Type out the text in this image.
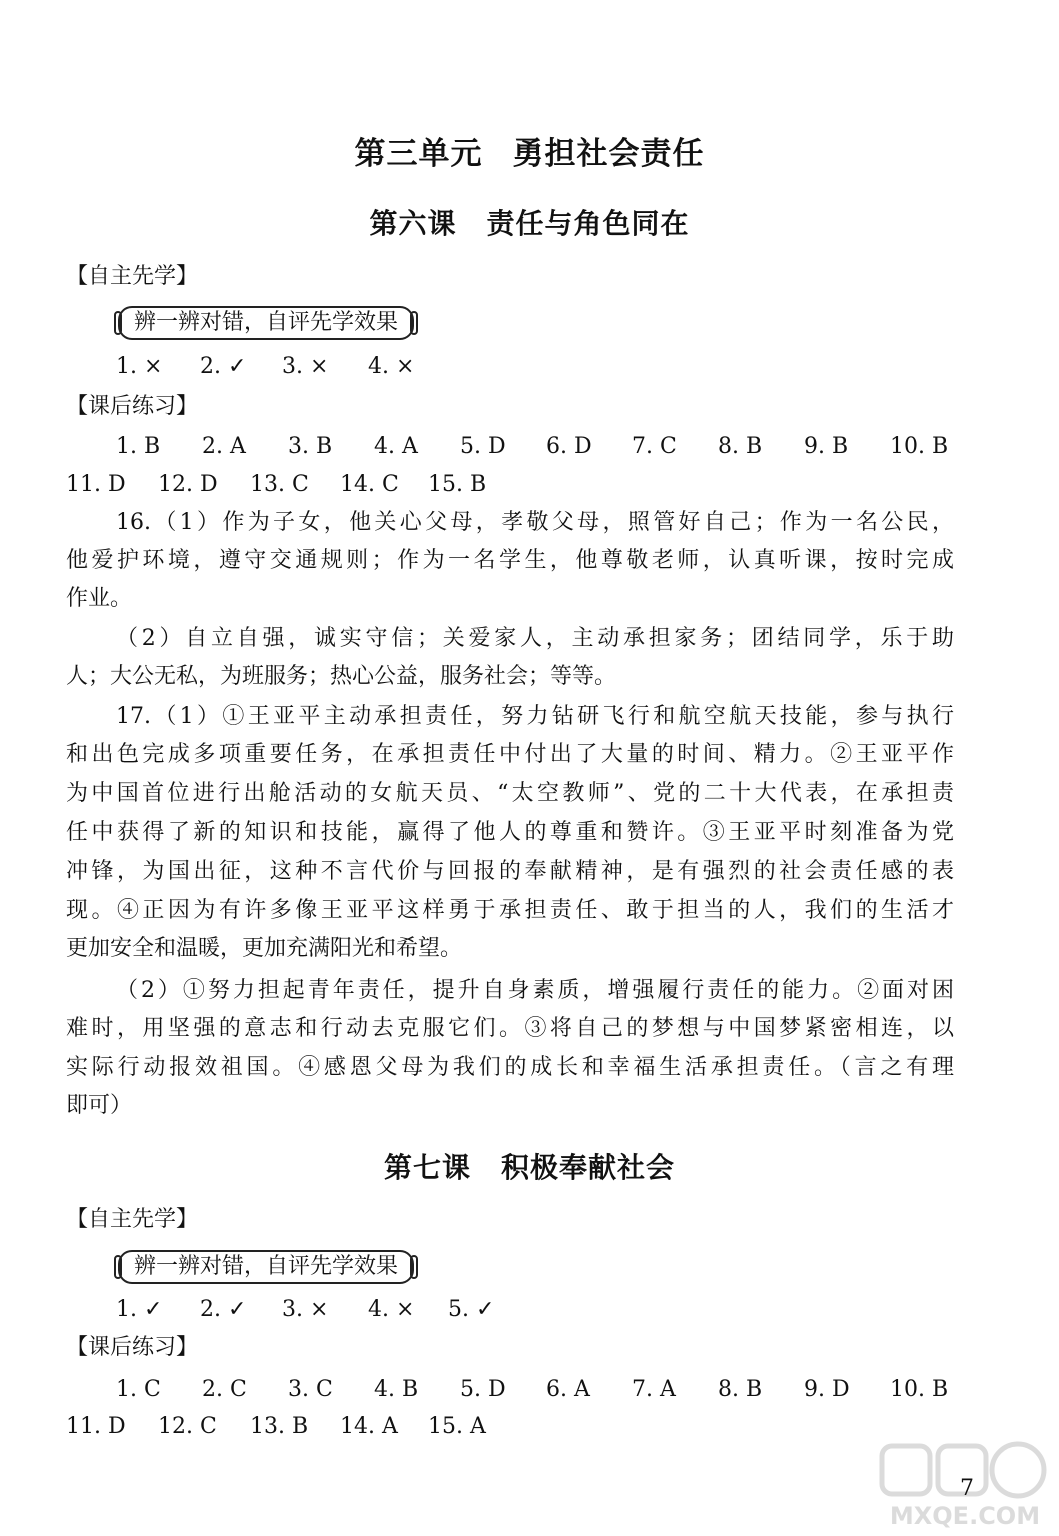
第三单元 勇担社会责任
第六课 责任与角色同在
【自主先学】
辨一辨对错，自评先学效果
1. × 2. ✓ 3. × 4. ×
【课后练习】
1. B 2. A 3. B 4. A 5. D 6. D 7. C 8. B 9. B 10. B
11. D 12. D 13. C 14. C 15. B
16.（1）作为子女，他关心父母，孝敬父母，照管好自己；作为一名公民，
他爱护环境，遵守交通规则；作为一名学生，他尊敬老师，认真听课，按时完成
作业。
（2）自立自强，诚实守信；关爱家人，主动承担家务；团结同学，乐于助
人；大公无私，为班服务；热心公益，服务社会；等等。
17.（1）①王亚平主动承担责任，努力钻研飞行和航空航天技能，参与执行
和出色完成多项重要任务，在承担责任中付出了大量的时间、精力。②王亚平作
为中国首位进行出舱活动的女航天员、“太空教师”、党的二十大代表，在承担责
任中获得了新的知识和技能，赢得了他人的尊重和赞许。③王亚平时刻准备为党
冲锋，为国出征，这种不言代价与回报的奉献精神，是有强烈的社会责任感的表
现。④正因为有许多像王亚平这样勇于承担责任、敢于担当的人，我们的生活才
更加安全和温暖，更加充满阳光和希望。
（2）①努力担起青年责任，提升自身素质，增强履行责任的能力。②面对困
难时，用坚强的意志和行动去克服它们。③将自己的梦想与中国梦紧密相连，以
实际行动报效祖国。④感恩父母为我们的成长和幸福生活承担责任。（言之有理
即可）
第七课 积极奉献社会
【自主先学】
辨一辨对错，自评先学效果
1. ✓ 2. ✓ 3. × 4. × 5. ✓
【课后练习】
1. C 2. C 3. C 4. B 5. D 6. A 7. A 8. B 9. D 10. B
11. D 12. C 13. B 14. A 15. A
MXQE.COM
7
